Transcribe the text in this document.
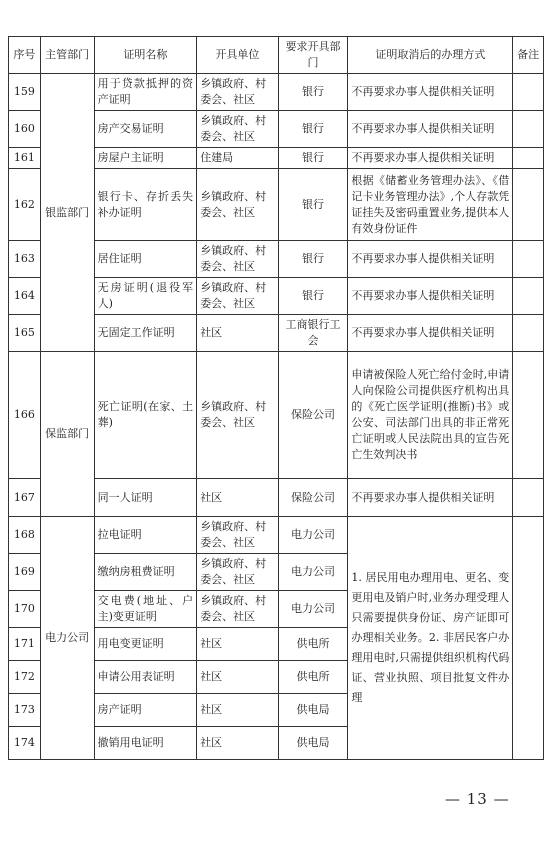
序号	主管部门	证明名称	开具单位	要求开具部门	证明取消后的办理方式	备注
159	银监部门	用于贷款抵押的资产证明	乡镇政府、村委会、社区	银行	不再要求办事人提供相关证明	
160		房产交易证明	乡镇政府、村委会、社区	银行	不再要求办事人提供相关证明	
161		房屋户主证明	住建局	银行	不再要求办事人提供相关证明	
162		银行卡、存折丢失补办证明	乡镇政府、村委会、社区	银行	根据《储蓄业务管理办法》、《借记卡业务管理办法》,个人存款凭证挂失及密码重置业务,提供本人有效身份证件	
163		居住证明	乡镇政府、村委会、社区	银行	不再要求办事人提供相关证明	
164		无房证明(退役军人)	乡镇政府、村委会、社区	银行	不再要求办事人提供相关证明	
165		无固定工作证明	社区	工商银行工会	不再要求办事人提供相关证明	
166	保监部门	死亡证明(在家、土葬)	乡镇政府、村委会、社区	保险公司	申请被保险人死亡给付金时,申请人向保险公司提供医疗机构出具的《死亡医学证明(推断)书》或公安、司法部门出具的非正常死亡证明或人民法院出具的宣告死亡生效判决书	
167		同一人证明	社区	保险公司	不再要求办事人提供相关证明	
168	电力公司	拉电证明	乡镇政府、村委会、社区	电力公司	1. 居民用电办理用电、更名、变更用电及销户时,业务办理受理人只需要提供身份证、房产证即可办理相关业务。2. 非居民客户办理用电时,只需提供组织机构代码证、营业执照、项目批复文件办理	
169		缴纳房租费证明	乡镇政府、村委会、社区	电力公司		
170		交电费(地址、户主)变更证明	乡镇政府、村委会、社区	电力公司		
171		用电变更证明	社区	供电所		
172		申请公用表证明	社区	供电所		
173		房产证明	社区	供电局		
174		撤销用电证明	社区	供电局		
— 13 —
